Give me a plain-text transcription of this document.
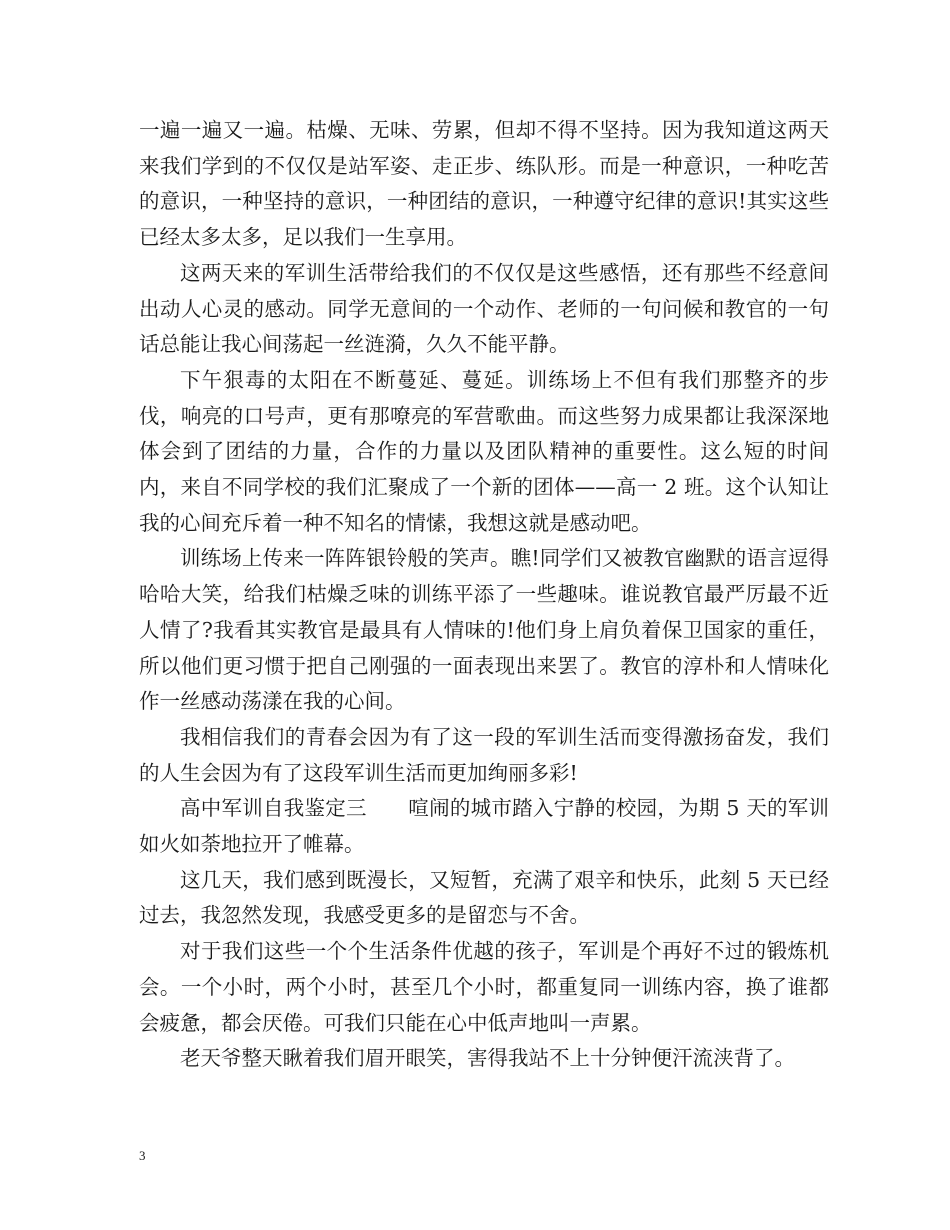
一遍一遍又一遍。枯燥、无味、劳累，但却不得不坚持。因为我知道这两天来我们学到的不仅仅是站军姿、走正步、练队形。而是一种意识，一种吃苦的意识，一种坚持的意识，一种团结的意识，一种遵守纪律的意识!其实这些已经太多太多，足以我们一生享用。

这两天来的军训生活带给我们的不仅仅是这些感悟，还有那些不经意间出动人心灵的感动。同学无意间的一个动作、老师的一句问候和教官的一句话总能让我心间荡起一丝涟漪，久久不能平静。

下午狠毒的太阳在不断蔓延、蔓延。训练场上不但有我们那整齐的步伐，响亮的口号声，更有那嘹亮的军营歌曲。而这些努力成果都让我深深地体会到了团结的力量，合作的力量以及团队精神的重要性。这么短的时间内，来自不同学校的我们汇聚成了一个新的团体——高一 2 班。这个认知让我的心间充斥着一种不知名的情愫，我想这就是感动吧。

训练场上传来一阵阵银铃般的笑声。瞧!同学们又被教官幽默的语言逗得哈哈大笑，给我们枯燥乏味的训练平添了一些趣味。谁说教官最严厉最不近人情了?我看其实教官是最具有人情味的!他们身上肩负着保卫国家的重任，所以他们更习惯于把自己刚强的一面表现出来罢了。教官的淳朴和人情味化作一丝感动荡漾在我的心间。

我相信我们的青春会因为有了这一段的军训生活而变得激扬奋发，我们的人生会因为有了这段军训生活而更加绚丽多彩!

高中军训自我鉴定三　　喧闹的城市踏入宁静的校园，为期 5 天的军训如火如荼地拉开了帷幕。

这几天，我们感到既漫长，又短暂，充满了艰辛和快乐，此刻 5 天已经过去，我忽然发现，我感受更多的是留恋与不舍。

对于我们这些一个个生活条件优越的孩子，军训是个再好不过的锻炼机会。一个小时，两个小时，甚至几个小时，都重复同一训练内容，换了谁都会疲惫，都会厌倦。可我们只能在心中低声地叫一声累。

老天爷整天瞅着我们眉开眼笑，害得我站不上十分钟便汗流浃背了。

3
